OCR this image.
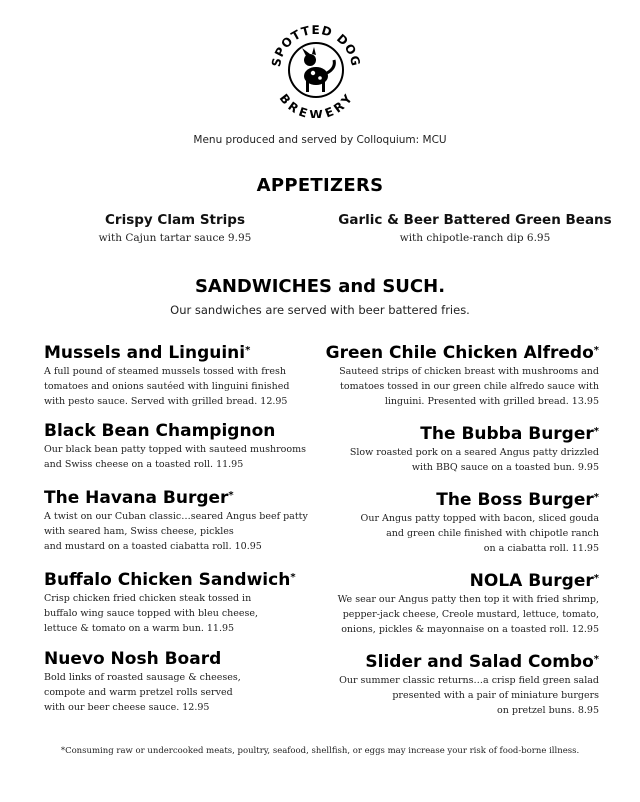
SPOTTED DOG
BREWERY
Menu produced and served by Colloquium: MCU
APPETIZERS
Crispy Clam Strips
with Cajun tartar sauce 9.95
Garlic & Beer Battered Green Beans
with chipotle-ranch dip 6.95
SANDWICHES and SUCH.
Our sandwiches are served with beer battered fries.
Mussels and Linguini*
A full pound of steamed mussels tossed with fresh
tomatoes and onions sautéed with linguini finished
with pesto sauce. Served with grilled bread. 12.95
Black Bean Champignon
Our black bean patty topped with sauteed mushrooms
and Swiss cheese on a toasted roll. 11.95
The Havana Burger*
A twist on our Cuban classic…seared Angus beef patty
with seared ham, Swiss cheese, pickles
and mustard on a toasted ciabatta roll. 10.95
Buffalo Chicken Sandwich*
Crisp chicken fried chicken steak tossed in
buffalo wing sauce topped with bleu cheese,
lettuce & tomato on a warm bun. 11.95
Nuevo Nosh Board
Bold links of roasted sausage & cheeses,
compote and warm pretzel rolls served
with our beer cheese sauce. 12.95
Green Chile Chicken Alfredo*
Sauteed strips of chicken breast with mushrooms and
tomatoes tossed in our green chile alfredo sauce with
linguini. Presented with grilled bread. 13.95
The Bubba Burger*
Slow roasted pork on a seared Angus patty drizzled
with BBQ sauce on a toasted bun. 9.95
The Boss Burger*
Our Angus patty topped with bacon, sliced gouda
and green chile finished with chipotle ranch
on a ciabatta roll. 11.95
NOLA Burger*
We sear our Angus patty then top it with fried shrimp,
pepper-jack cheese, Creole mustard, lettuce, tomato,
onions, pickles & mayonnaise on a toasted roll. 12.95
Slider and Salad Combo*
Our summer classic returns…a crisp field green salad
presented with a pair of miniature burgers
on pretzel buns. 8.95
*Consuming raw or undercooked meats, poultry, seafood, shellfish, or eggs may increase your risk of food-borne illness.
